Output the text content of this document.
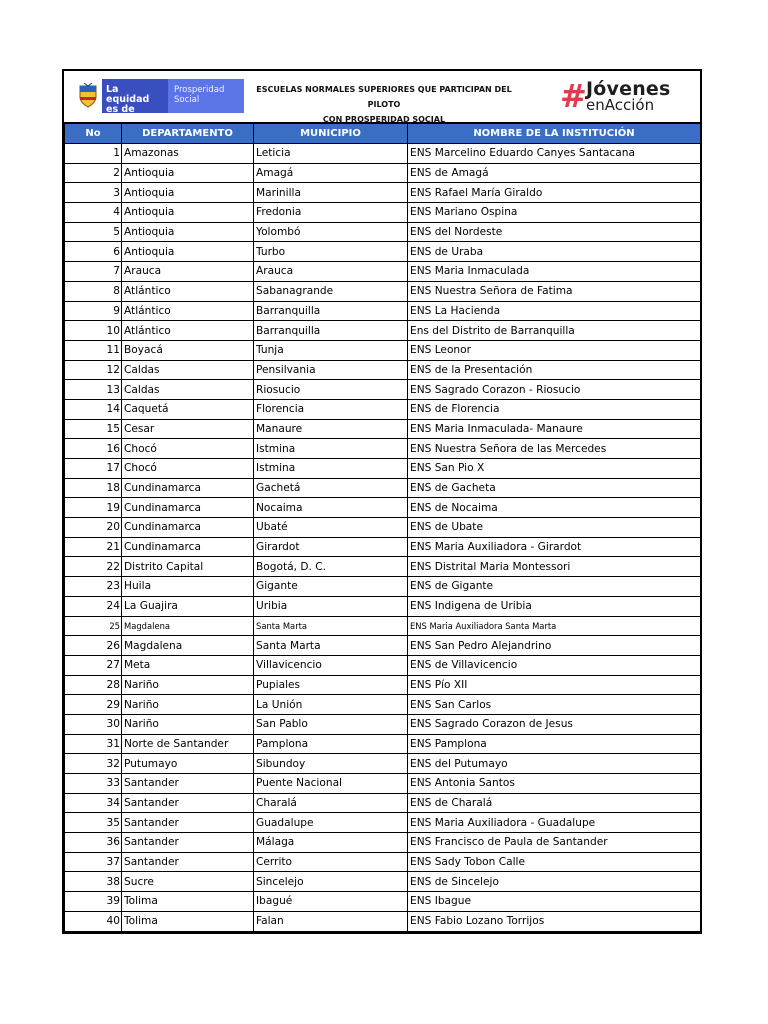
La equidad
es de todos
Prosperidad
Social
ESCUELAS NORMALES SUPERIORES QUE PARTICIPAN DEL PILOTO
CON PROSPERIDAD SOCIAL
# Jóvenes
enAcción
No	DEPARTAMENTO	MUNICIPIO	NOMBRE DE LA INSTITUCIÓN
1	Amazonas	Leticia	ENS Marcelino Eduardo Canyes Santacana
2	Antioquia	Amagá	ENS de Amagá
3	Antioquia	Marinilla	ENS Rafael María Giraldo
4	Antioquia	Fredonia	ENS Mariano Ospina
5	Antioquia	Yolombó	ENS del Nordeste
6	Antioquia	Turbo	ENS de Uraba
7	Arauca	Arauca	ENS Maria Inmaculada
8	Atlántico	Sabanagrande	ENS Nuestra Señora de Fatima
9	Atlántico	Barranquilla	ENS La Hacienda
10	Atlántico	Barranquilla	Ens del Distrito de Barranquilla
11	Boyacá	Tunja	ENS Leonor
12	Caldas	Pensilvania	ENS de la Presentación
13	Caldas	Riosucio	ENS Sagrado Corazon - Riosucio
14	Caquetá	Florencia	ENS de Florencia
15	Cesar	Manaure	ENS Maria Inmaculada- Manaure
16	Chocó	Istmina	ENS Nuestra Señora de las Mercedes
17	Chocó	Istmina	ENS San Pio X
18	Cundinamarca	Gachetá	ENS de Gacheta
19	Cundinamarca	Nocaima	ENS de Nocaima
20	Cundinamarca	Ubaté	ENS de Ubate
21	Cundinamarca	Girardot	ENS Maria Auxiliadora - Girardot
22	Distrito Capital	Bogotá, D. C.	ENS Distrital Maria Montessori
23	Huila	Gigante	ENS de Gigante
24	La Guajira	Uribia	ENS Indigena de Uribia
25	Magdalena	Santa Marta	ENS Maria Auxiliadora Santa Marta
26	Magdalena	Santa Marta	ENS San Pedro Alejandrino
27	Meta	Villavicencio	ENS de Villavicencio
28	Nariño	Pupiales	ENS Pío XII
29	Nariño	La Unión	ENS San Carlos
30	Nariño	San Pablo	ENS Sagrado Corazon de Jesus
31	Norte de Santander	Pamplona	ENS Pamplona
32	Putumayo	Sibundoy	ENS del Putumayo
33	Santander	Puente Nacional	ENS Antonia Santos
34	Santander	Charalá	ENS de Charalá
35	Santander	Guadalupe	ENS Maria Auxiliadora - Guadalupe
36	Santander	Málaga	ENS Francisco de Paula de Santander
37	Santander	Cerrito	ENS Sady Tobon Calle
38	Sucre	Sincelejo	ENS de Sincelejo
39	Tolima	Ibagué	ENS Ibague
40	Tolima	Falan	ENS Fabio Lozano Torrijos
